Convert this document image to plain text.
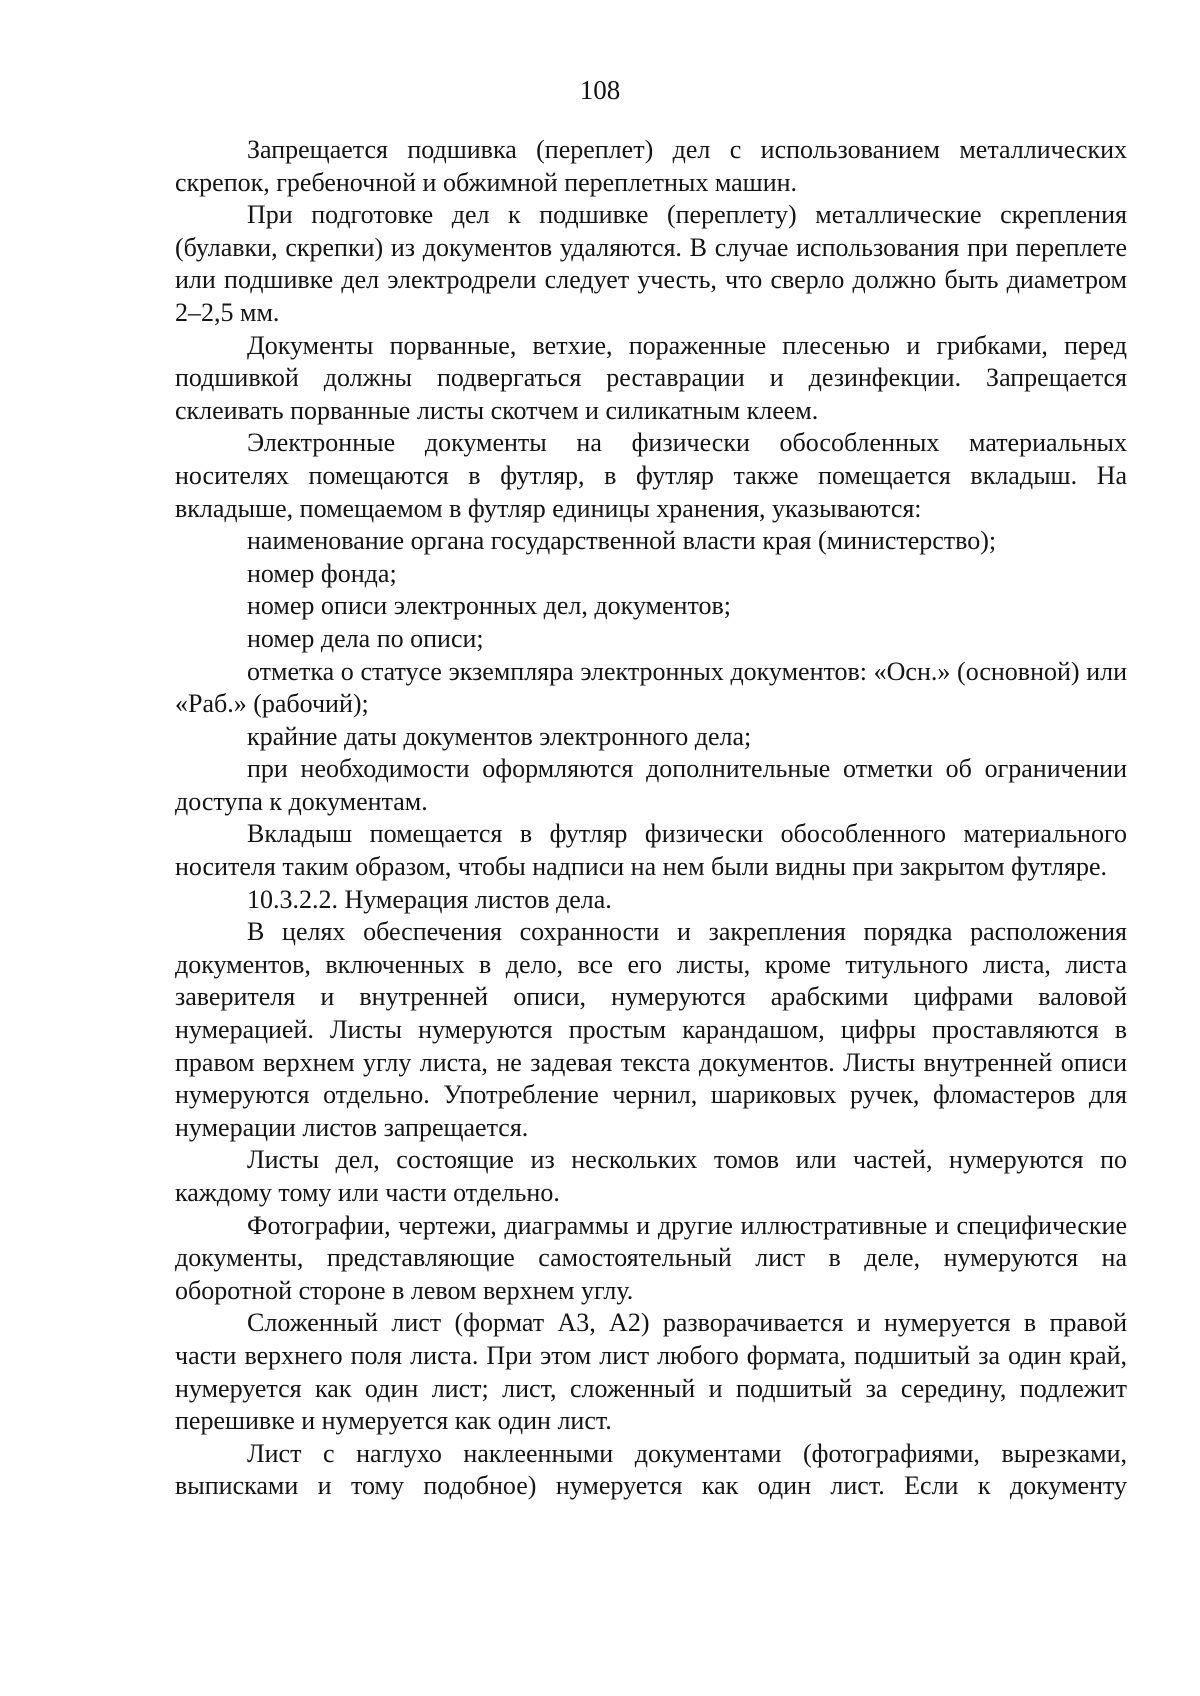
108

Запрещается подшивка (переплет) дел с использованием металлических скрепок, гребеночной и обжимной переплетных машин.

При подготовке дел к подшивке (переплету) металлические скрепления (булавки, скрепки) из документов удаляются. В случае использования при переплете или подшивке дел электродрели следует учесть, что сверло должно быть диаметром 2–2,5 мм.

Документы порванные, ветхие, пораженные плесенью и грибками, перед подшивкой должны подвергаться реставрации и дезинфекции. Запрещается склеивать порванные листы скотчем и силикатным клеем.

Электронные документы на физически обособленных материальных носителях помещаются в футляр, в футляр также помещается вкладыш. На вкладыше, помещаемом в футляр единицы хранения, указываются:

наименование органа государственной власти края (министерство);

номер фонда;

номер описи электронных дел, документов;

номер дела по описи;

отметка о статусе экземпляра электронных документов: «Осн.» (основной) или «Раб.» (рабочий);

крайние даты документов электронного дела;

при необходимости оформляются дополнительные отметки об ограничении доступа к документам.

Вкладыш помещается в футляр физически обособленного материального носителя таким образом, чтобы надписи на нем были видны при закрытом футляре.

10.3.2.2. Нумерация листов дела.

В целях обеспечения сохранности и закрепления порядка расположения документов, включенных в дело, все его листы, кроме титульного листа, листа заверителя и внутренней описи, нумеруются арабскими цифрами валовой нумерацией. Листы нумеруются простым карандашом, цифры проставляются в правом верхнем углу листа, не задевая текста документов. Листы внутренней описи нумеруются отдельно. Употребление чернил, шариковых ручек, фломастеров для нумерации листов запрещается.

Листы дел, состоящие из нескольких томов или частей, нумеруются по каждому тому или части отдельно.

Фотографии, чертежи, диаграммы и другие иллюстративные и специфические документы, представляющие самостоятельный лист в деле, нумеруются на оборотной стороне в левом верхнем углу.

Сложенный лист (формат А3, А2) разворачивается и нумеруется в правой части верхнего поля листа. При этом лист любого формата, подшитый за один край, нумеруется как один лист; лист, сложенный и подшитый за середину, подлежит перешивке и нумеруется как один лист.

Лист с наглухо наклеенными документами (фотографиями, вырезками, выписками и тому подобное) нумеруется как один лист. Если к документу
